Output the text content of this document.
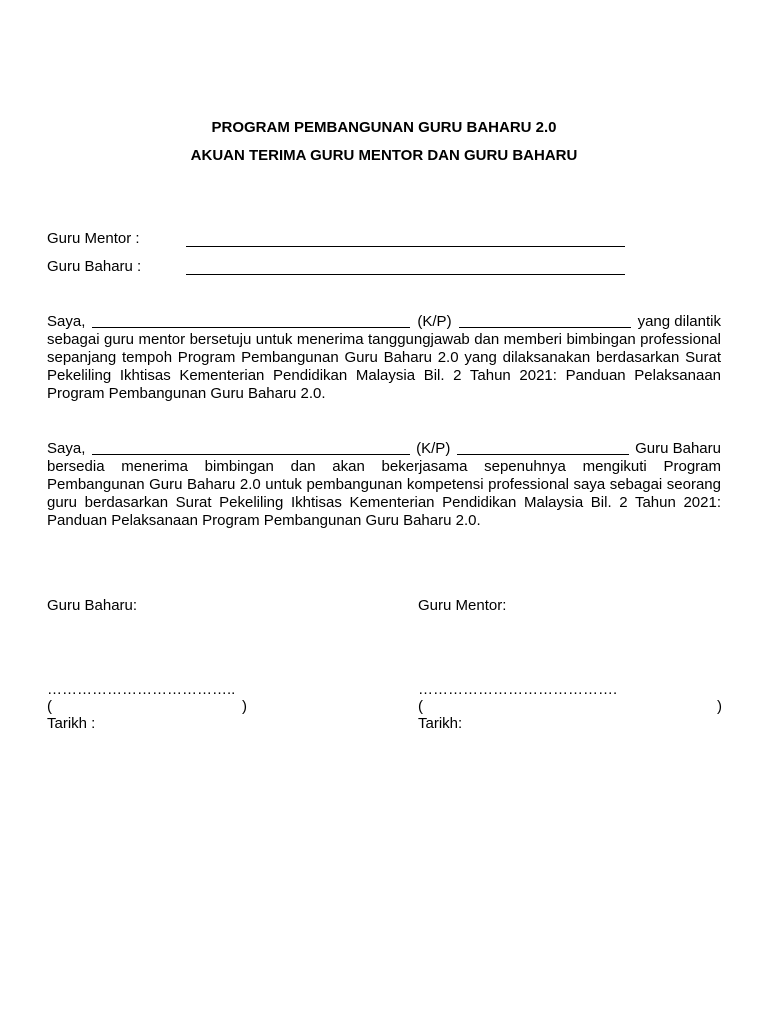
PROGRAM PEMBANGUNAN GURU BAHARU 2.0
AKUAN TERIMA GURU MENTOR DAN GURU BAHARU
Guru Mentor :
Guru Baharu :
Saya,	(K/P)	yang dilantik
sebagai guru mentor bersetuju untuk menerima tanggungjawab dan memberi bimbingan professional sepanjang tempoh Program Pembangunan Guru Baharu 2.0 yang dilaksanakan berdasarkan Surat Pekeliling Ikhtisas Kementerian Pendidikan Malaysia Bil. 2 Tahun 2021: Panduan Pelaksanaan Program Pembangunan Guru Baharu 2.0.
Saya,	(K/P)	Guru Baharu
bersedia menerima bimbingan dan akan bekerjasama sepenuhnya mengikuti Program Pembangunan Guru Baharu 2.0 untuk pembangunan kompetensi professional saya sebagai seorang guru berdasarkan Surat Pekeliling Ikhtisas Kementerian Pendidikan Malaysia Bil. 2 Tahun 2021: Panduan Pelaksanaan Program Pembangunan Guru Baharu 2.0.
Guru Baharu:
………………………………..
(	)
Tarikh :
Guru Mentor:
………………………………….
(	)
Tarikh:
